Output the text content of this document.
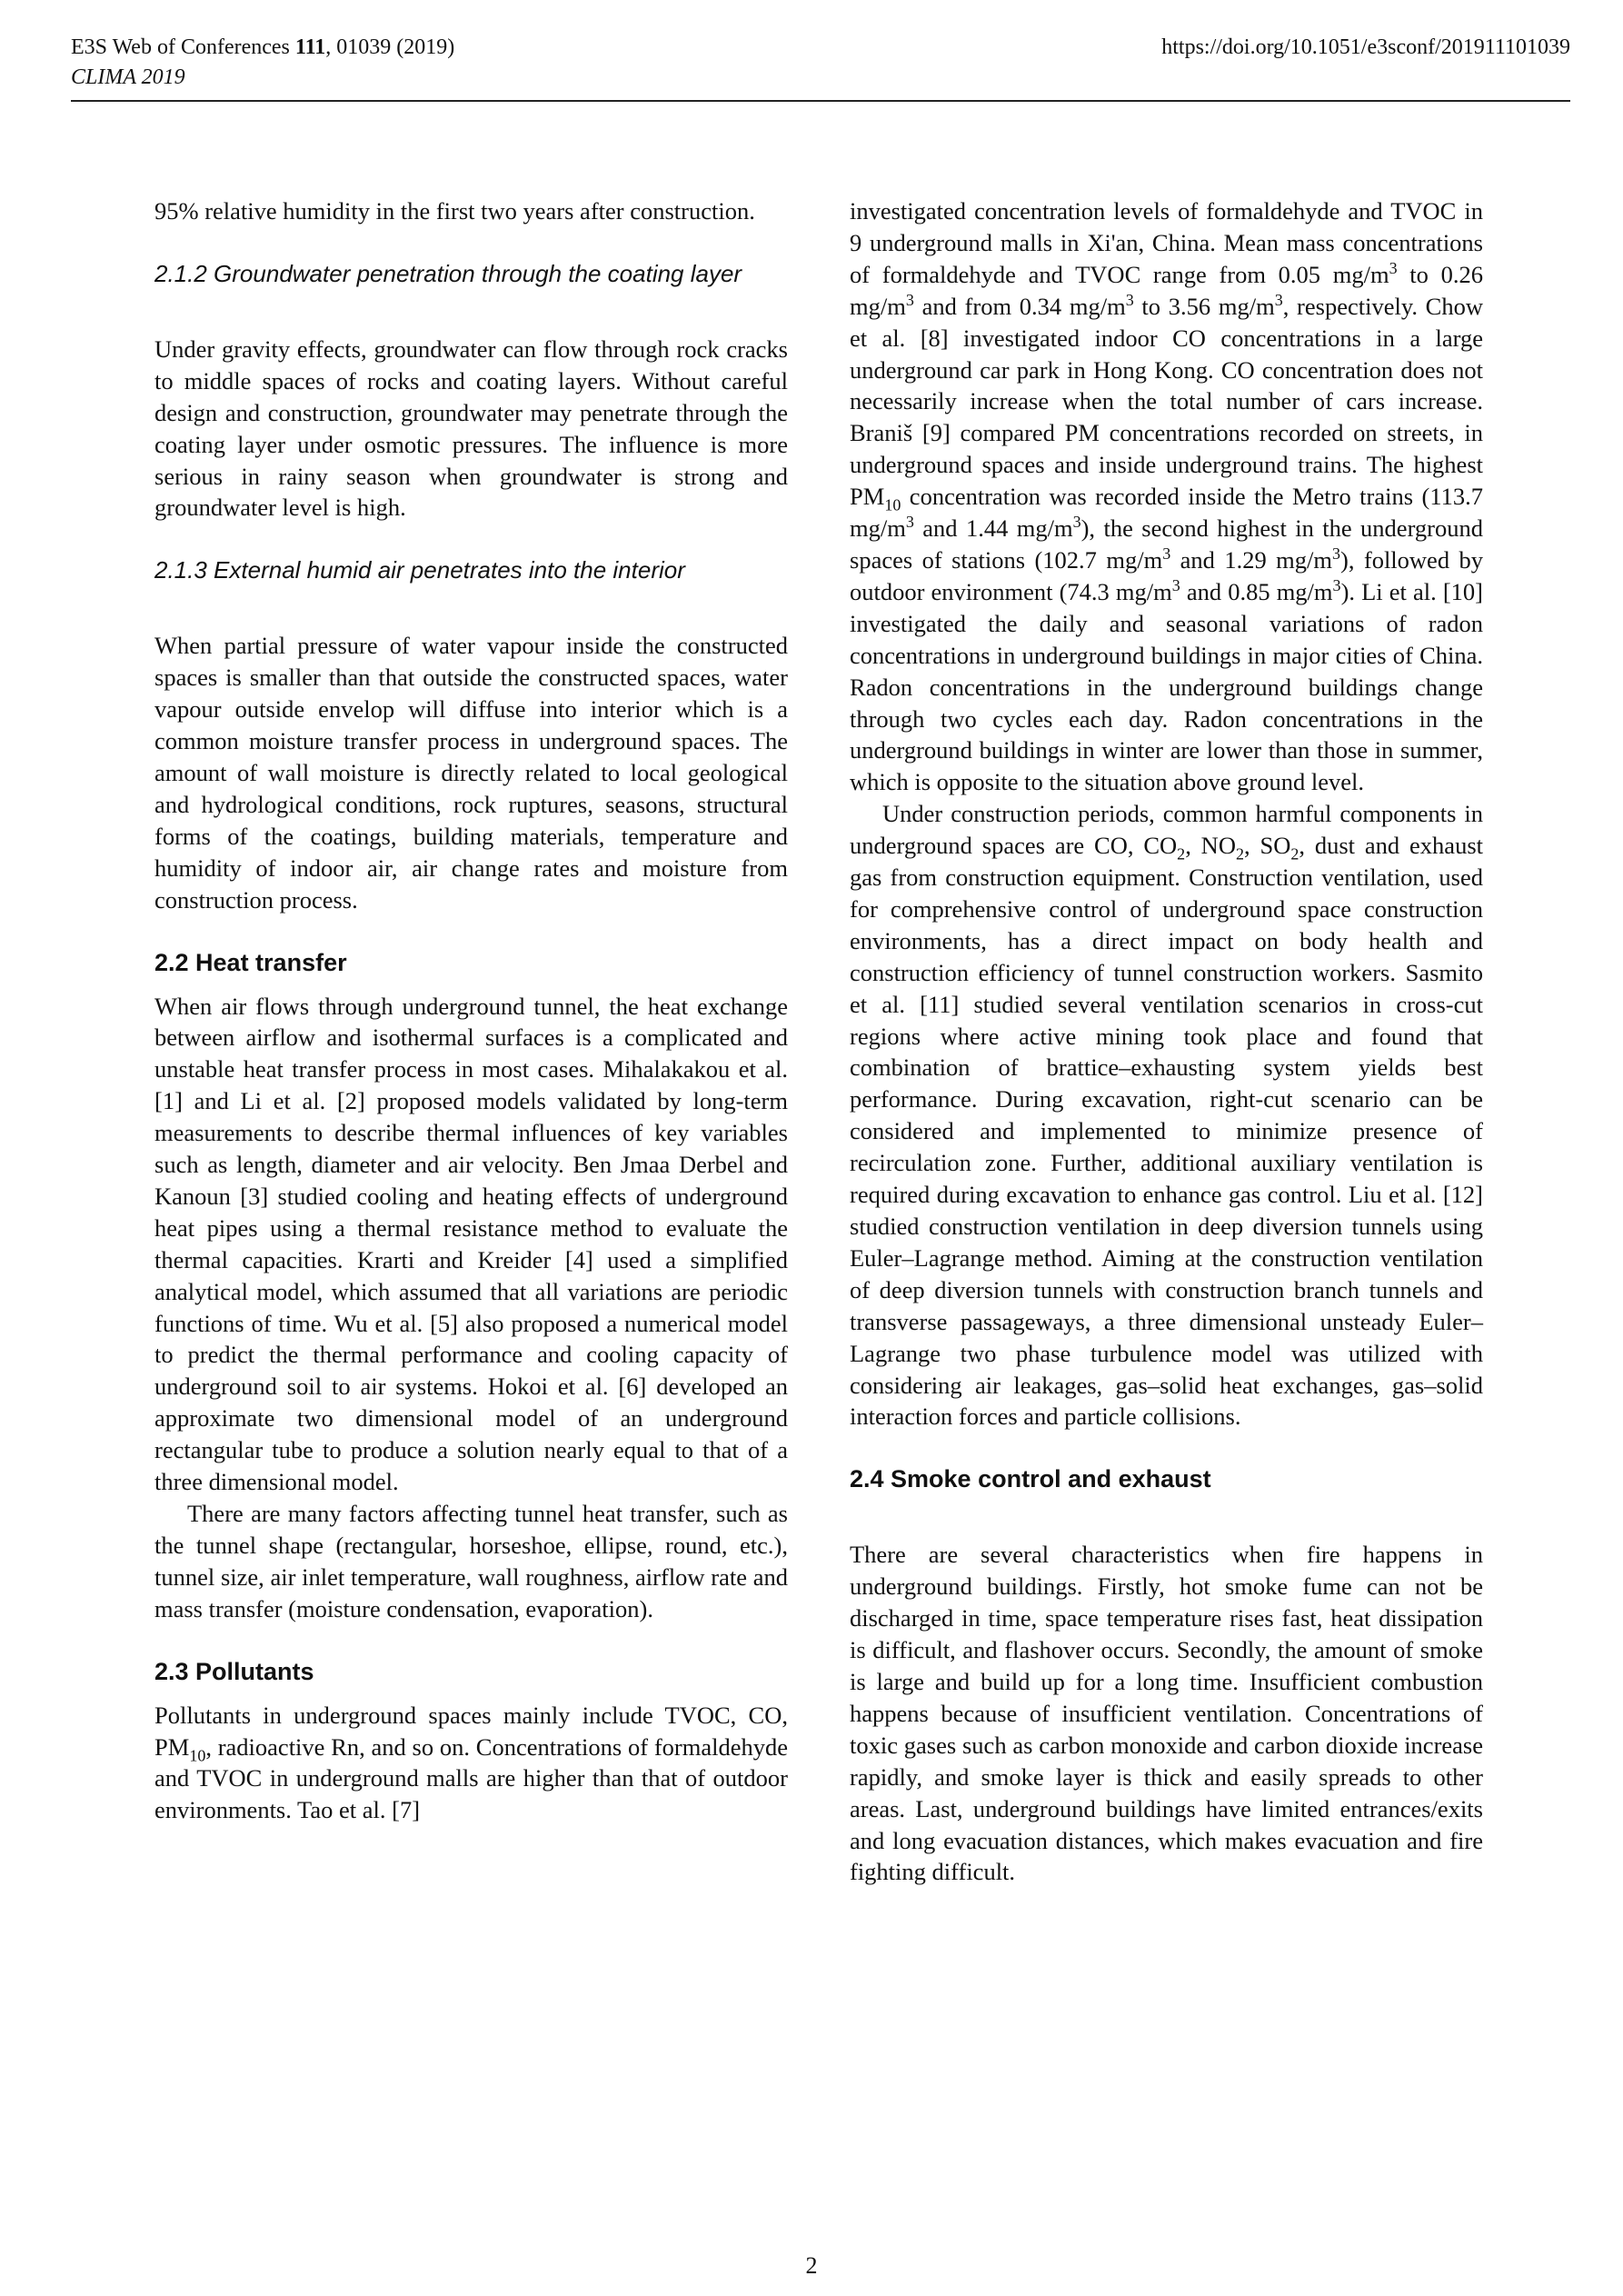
E3S Web of Conferences 111, 01039 (2019)
CLIMA 2019
https://doi.org/10.1051/e3sconf/201911101039

95% relative humidity in the first two years after construction.

2.1.2 Groundwater penetration through the coating layer

Under gravity effects, groundwater can flow through rock cracks to middle spaces of rocks and coating layers. Without careful design and construction, groundwater may penetrate through the coating layer under osmotic pressures. The influence is more serious in rainy season when groundwater is strong and groundwater level is high.

2.1.3 External humid air penetrates into the interior

When partial pressure of water vapour inside the constructed spaces is smaller than that outside the constructed spaces, water vapour outside envelop will diffuse into interior which is a common moisture transfer process in underground spaces. The amount of wall moisture is directly related to local geological and hydrological conditions, rock ruptures, seasons, structural forms of the coatings, building materials, temperature and humidity of indoor air, air change rates and moisture from construction process.

2.2 Heat transfer

When air flows through underground tunnel, the heat exchange between airflow and isothermal surfaces is a complicated and unstable heat transfer process in most cases. Mihalakakou et al. [1] and Li et al. [2] proposed models validated by long-term measurements to describe thermal influences of key variables such as length, diameter and air velocity. Ben Jmaa Derbel and Kanoun [3] studied cooling and heating effects of underground heat pipes using a thermal resistance method to evaluate the thermal capacities. Krarti and Kreider [4] used a simplified analytical model, which assumed that all variations are periodic functions of time. Wu et al. [5] also proposed a numerical model to predict the thermal performance and cooling capacity of underground soil to air systems. Hokoi et al. [6] developed an approximate two dimensional model of an underground rectangular tube to produce a solution nearly equal to that of a three dimensional model.

There are many factors affecting tunnel heat transfer, such as the tunnel shape (rectangular, horseshoe, ellipse, round, etc.), tunnel size, air inlet temperature, wall roughness, airflow rate and mass transfer (moisture condensation, evaporation).

2.3 Pollutants

Pollutants in underground spaces mainly include TVOC, CO, $PM_{10}$, radioactive Rn, and so on. Concentrations of formaldehyde and TVOC in underground malls are higher than that of outdoor environments. Tao et al. [7]

investigated concentration levels of formaldehyde and TVOC in 9 underground malls in Xi'an, China. Mean mass concentrations of formaldehyde and TVOC range from 0.05 $mg/m^3$ to 0.26 $mg/m^3$ and from 0.34 $mg/m^3$ to 3.56 $mg/m^3$, respectively. Chow et al. [8] investigated indoor CO concentrations in a large underground car park in Hong Kong. CO concentration does not necessarily increase when the total number of cars increase. Braniš [9] compared PM concentrations recorded on streets, in underground spaces and inside underground trains. The highest $PM_{10}$ concentration was recorded inside the Metro trains (113.7 $mg/m^3$ and 1.44 $mg/m^3$), the second highest in the underground spaces of stations (102.7 $mg/m^3$ and 1.29 $mg/m^3$), followed by outdoor environment (74.3 $mg/m^3$ and 0.85 $mg/m^3$). Li et al. [10] investigated the daily and seasonal variations of radon concentrations in underground buildings in major cities of China. Radon concentrations in the underground buildings change through two cycles each day. Radon concentrations in the underground buildings in winter are lower than those in summer, which is opposite to the situation above ground level.

Under construction periods, common harmful components in underground spaces are CO, $CO_2$, $NO_2$, $SO_2$, dust and exhaust gas from construction equipment. Construction ventilation, used for comprehensive control of underground space construction environments, has a direct impact on body health and construction efficiency of tunnel construction workers. Sasmito et al. [11] studied several ventilation scenarios in cross-cut regions where active mining took place and found that combination of brattice–exhausting system yields best performance. During excavation, right-cut scenario can be considered and implemented to minimize presence of recirculation zone. Further, additional auxiliary ventilation is required during excavation to enhance gas control. Liu et al. [12] studied construction ventilation in deep diversion tunnels using Euler–Lagrange method. Aiming at the construction ventilation of deep diversion tunnels with construction branch tunnels and transverse passageways, a three dimensional unsteady Euler–Lagrange two phase turbulence model was utilized with considering air leakages, gas–solid heat exchanges, gas–solid interaction forces and particle collisions.

2.4 Smoke control and exhaust

There are several characteristics when fire happens in underground buildings. Firstly, hot smoke fume can not be discharged in time, space temperature rises fast, heat dissipation is difficult, and flashover occurs. Secondly, the amount of smoke is large and build up for a long time. Insufficient combustion happens because of insufficient ventilation. Concentrations of toxic gases such as carbon monoxide and carbon dioxide increase rapidly, and smoke layer is thick and easily spreads to other areas. Last, underground buildings have limited entrances/exits and long evacuation distances, which makes evacuation and fire fighting difficult.

2
